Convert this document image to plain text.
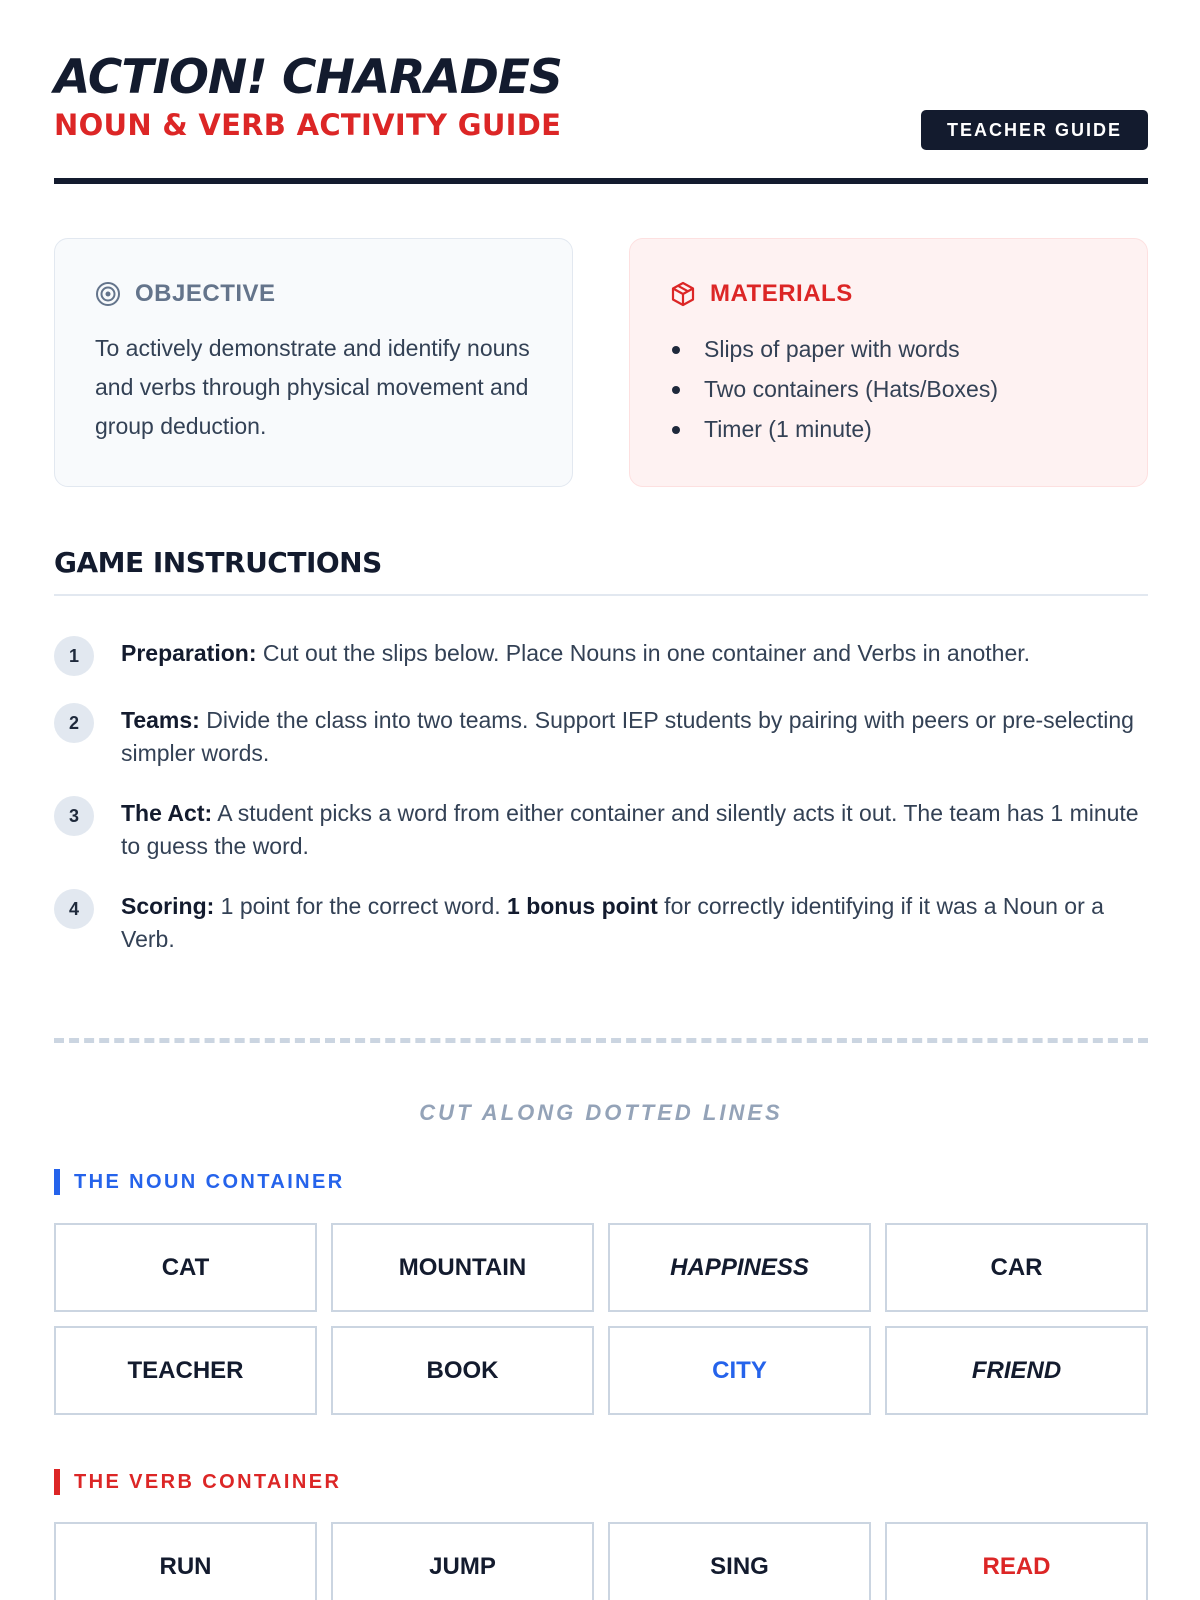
ACTION! CHARADES
NOUN & VERB ACTIVITY GUIDE	TEACHER GUIDE
OBJECTIVE

To actively demonstrate and identify nouns and verbs through physical movement and group deduction.

MATERIALS
Slips of paper with words
Two containers (Hats/Boxes)
Timer (1 minute)
GAME INSTRUCTIONS
1	Preparation: Cut out the slips below. Place Nouns in one container and Verbs in another.
2	Teams: Divide the class into two teams. Support IEP students by pairing with peers or pre-selecting simpler words.
3	The Act: A student picks a word from either container and silently acts it out. The team has 1 minute to guess the word.
4	Scoring: 1 point for the correct word. 1 bonus point for correctly identifying if it was a Noun or a Verb.
CUT ALONG DOTTED LINES
THE NOUN CONTAINER
CAT	MOUNTAIN	HAPPINESS	CAR
TEACHER	BOOK	CITY	FRIEND
THE VERB CONTAINER
RUN	JUMP	SING	READ
